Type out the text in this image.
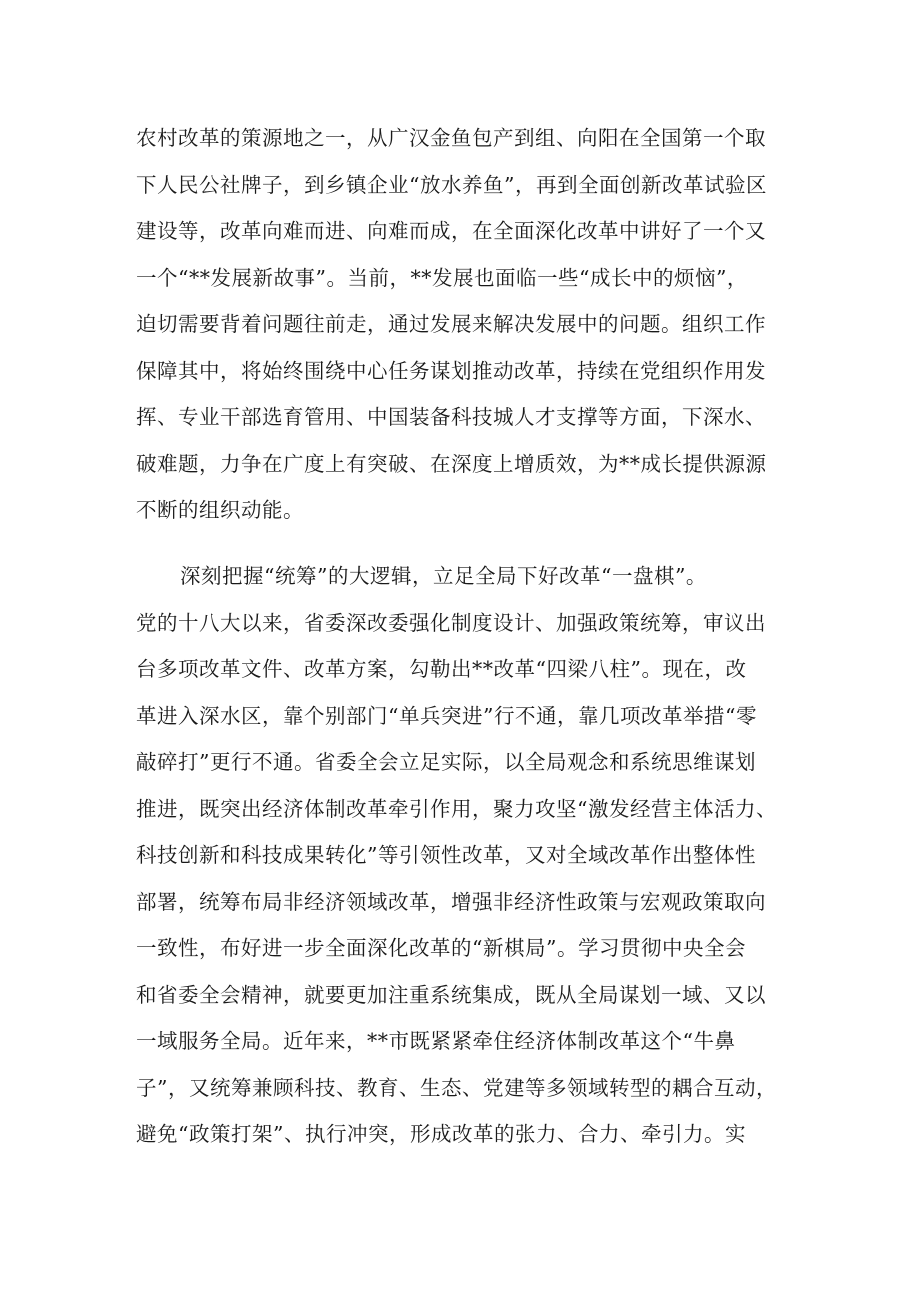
农村改革的策源地之一，从广汉金鱼包产到组、向阳在全国第一个取
下人民公社牌子，到乡镇企业“放水养鱼”，再到全面创新改革试验区
建设等，改革向难而进、向难而成，在全面深化改革中讲好了一个又
一个“**发展新故事”。当前，**发展也面临一些“成长中的烦恼”，
迫切需要背着问题往前走，通过发展来解决发展中的问题。组织工作
保障其中，将始终围绕中心任务谋划推动改革，持续在党组织作用发
挥、专业干部选育管用、中国装备科技城人才支撑等方面，下深水、
破难题，力争在广度上有突破、在深度上增质效，为**成长提供源源
不断的组织动能。
深刻把握“统筹”的大逻辑，立足全局下好改革“一盘棋”。
党的十八大以来，省委深改委强化制度设计、加强政策统筹，审议出
台多项改革文件、改革方案，勾勒出**改革“四梁八柱”。现在，改
革进入深水区，靠个别部门“单兵突进”行不通，靠几项改革举措“零
敲碎打”更行不通。省委全会立足实际，以全局观念和系统思维谋划
推进，既突出经济体制改革牵引作用，聚力攻坚“激发经营主体活力、
科技创新和科技成果转化”等引领性改革，又对全域改革作出整体性
部署，统筹布局非经济领域改革，增强非经济性政策与宏观政策取向
一致性，布好进一步全面深化改革的“新棋局”。学习贯彻中央全会
和省委全会精神，就要更加注重系统集成，既从全局谋划一域、又以
一域服务全局。近年来，**市既紧紧牵住经济体制改革这个“牛鼻
子”，又统筹兼顾科技、教育、生态、党建等多领域转型的耦合互动，
避免“政策打架”、执行冲突，形成改革的张力、合力、牵引力。实
